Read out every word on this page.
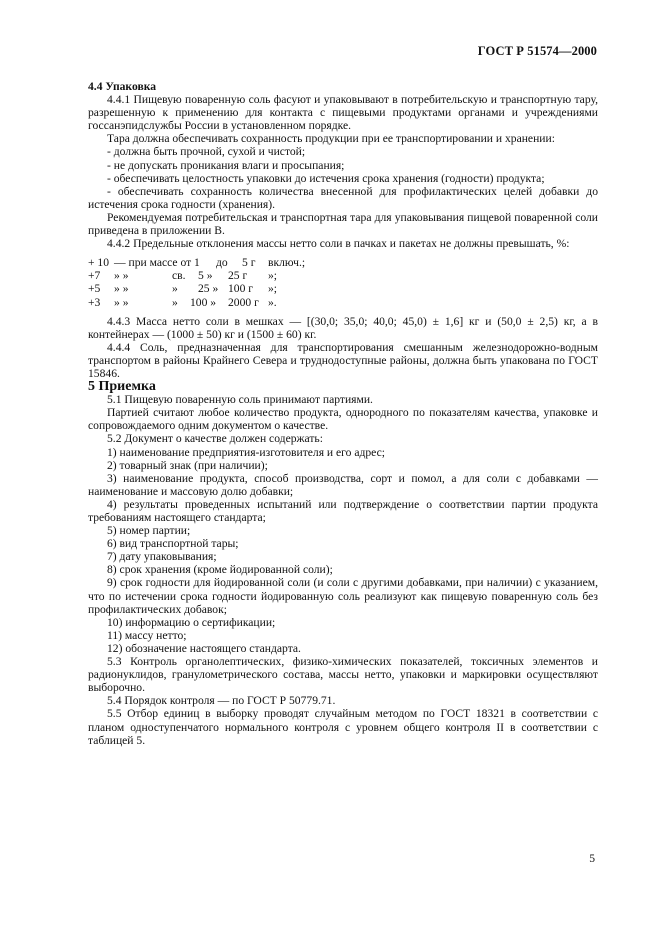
ГОСТ Р 51574—2000

4.4 Упаковка

4.4.1 Пищевую поваренную соль фасуют и упаковывают в потребительскую и транспортную тару, разрешенную к применению для контакта с пищевыми продуктами органами и учреждениями госсанэпидслужбы России в установленном порядке.

Тара должна обеспечивать сохранность продукции при ее транспортировании и хранении:

- должна быть прочной, сухой и чистой;

- не допускать проникания влаги и просыпания;

- обеспечивать целостность упаковки до истечения срока хранения (годности) продукта;

- обеспечивать сохранность количества внесенной для профилактических целей добавки до истечения срока годности (хранения).

Рекомендуемая потребительская и транспортная тара для упаковывания пищевой поваренной соли приведена в приложении В.

4.4.2 Предельные отклонения массы нетто соли в пачках и пакетах не должны превышать, %:

+ 10 — при массе от 1	до	5 г	включ.;
+7	» »	св.	5 »	25 г	»;
+5	» »	»	25 » 100 г	»;
+3	» »	»	100 »	2000 г ».

4.4.3 Масса нетто соли в мешках — [(30,0; 35,0; 40,0; 45,0) ± 1,6] кг и (50,0 ± 2,5) кг, а в контейнерах — (1000 ± 50) кг и (1500 ± 60) кг.

4.4.4 Соль, предназначенная для транспортирования смешанным железнодорожно-водным транспортом в районы Крайнего Севера и труднодоступные районы, должна быть упакована по ГОСТ 15846.

5 Приемка

5.1 Пищевую поваренную соль принимают партиями.

Партией считают любое количество продукта, однородного по показателям качества, упаковке и сопровождаемого одним документом о качестве.

5.2 Документ о качестве должен содержать:

1) наименование предприятия-изготовителя и его адрес;

2) товарный знак (при наличии);

3) наименование продукта, способ производства, сорт и помол, а для соли с добавками — наименование и массовую долю добавки;

4) результаты проведенных испытаний или подтверждение о соответствии партии продукта требованиям настоящего стандарта;

5) номер партии;

6) вид транспортной тары;

7) дату упаковывания;

8) срок хранения (кроме йодированной соли);

9) срок годности для йодированной соли (и соли с другими добавками, при наличии) с указанием, что по истечении срока годности йодированную соль реализуют как пищевую поваренную соль без профилактических добавок;

10) информацию о сертификации;

11) массу нетто;

12) обозначение настоящего стандарта.

5.3 Контроль органолептических, физико-химических показателей, токсичных элементов и радионуклидов, гранулометрического состава, массы нетто, упаковки и маркировки осуществляют выборочно.

5.4 Порядок контроля — по ГОСТ Р 50779.71.

5.5 Отбор единиц в выборку проводят случайным методом по ГОСТ 18321 в соответствии с планом одноступенчатого нормального контроля с уровнем общего контроля II в соответствии с таблицей 5.

5
